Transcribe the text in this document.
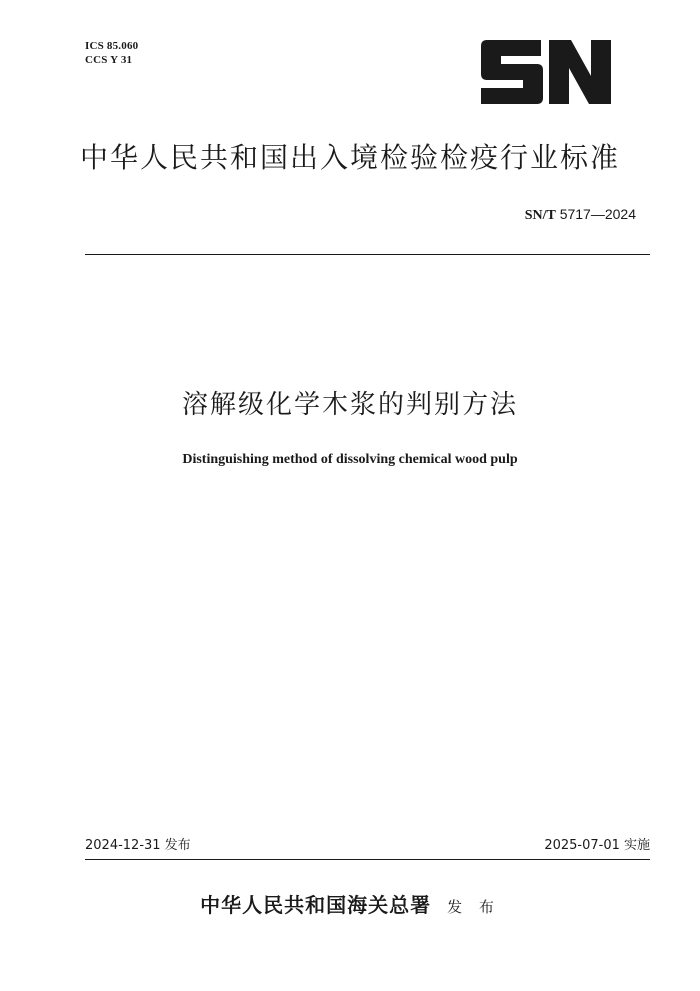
ICS 85.060
CCS Y 31
中华人民共和国出入境检验检疫行业标准
SN/T 5717—2024
溶解级化学木浆的判别方法
Distinguishing method of dissolving chemical wood pulp
2024-12-31 发布	2025-07-01 实施
中华人民共和国海关总署 发 布
